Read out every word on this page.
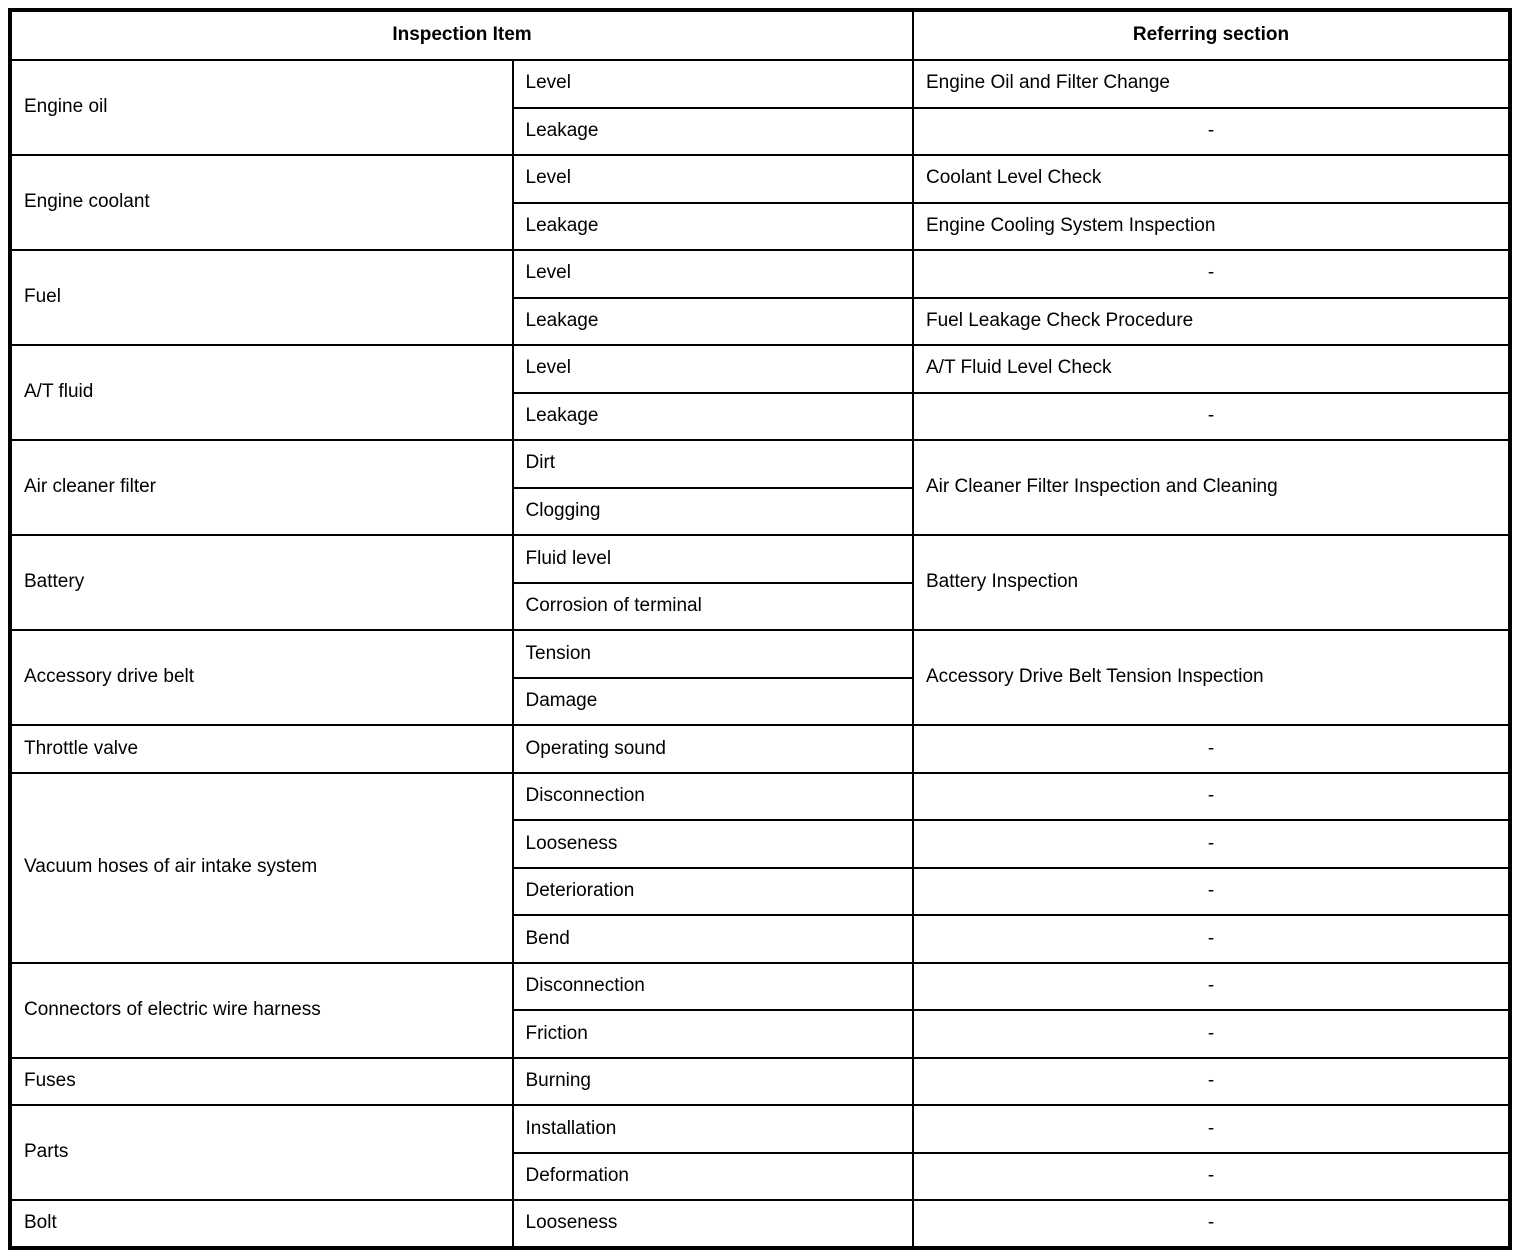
Inspection Item		Referring section
Engine oil	Level	Engine Oil and Filter Change
	Leakage	-
Engine coolant	Level	Coolant Level Check
	Leakage	Engine Cooling System Inspection
Fuel	Level	-
	Leakage	Fuel Leakage Check Procedure
A/T fluid	Level	A/T Fluid Level Check
	Leakage	-
Air cleaner filter	Dirt	Air Cleaner Filter Inspection and Cleaning
	Clogging	
Battery	Fluid level	Battery Inspection
	Corrosion of terminal	
Accessory drive belt	Tension	Accessory Drive Belt Tension Inspection
	Damage	
Throttle valve	Operating sound	-
Vacuum hoses of air intake system	Disconnection	-
	Looseness	-
	Deterioration	-
	Bend	-
Connectors of electric wire harness	Disconnection	-
	Friction	-
Fuses	Burning	-
Parts	Installation	-
	Deformation	-
Bolt	Looseness	-
